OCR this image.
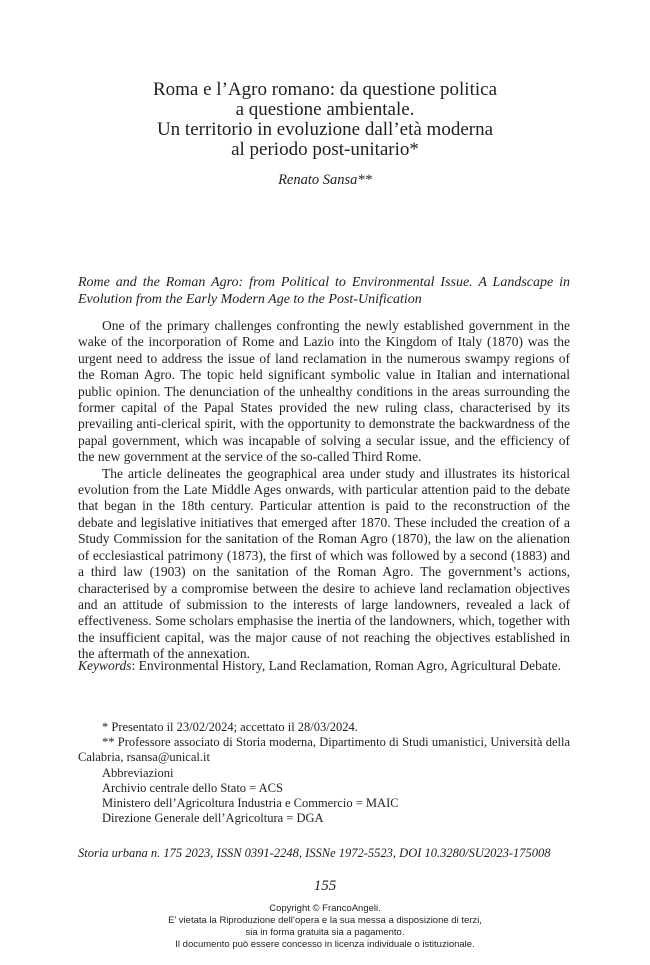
Roma e l’Agro romano: da questione politica
a questione ambientale.
Un territorio in evoluzione dall’età moderna
al periodo post-unitario*
Renato Sansa**
Rome and the Roman Agro: from Political to Environmental Issue. A Landscape in Evolution from the Early Modern Age to the Post-Unification

One of the primary challenges confronting the newly established government in the wake of the incorporation of Rome and Lazio into the Kingdom of Italy (1870) was the urgent need to address the issue of land reclamation in the numerous swampy regions of the Roman Agro. The topic held significant symbolic value in Italian and international public opinion. The denunciation of the unhealthy conditions in the areas surrounding the former capital of the Papal States provided the new ruling class, characterised by its prevailing anti-clerical spirit, with the opportunity to demonstrate the backwardness of the papal government, which was incapable of solving a secular issue, and the efficiency of the new government at the service of the so-called Third Rome.

The article delineates the geographical area under study and illustrates its historical evolution from the Late Middle Ages onwards, with particular attention paid to the debate that began in the 18th century. Particular attention is paid to the reconstruction of the debate and legislative initiatives that emerged after 1870. These included the creation of a Study Commission for the sanitation of the Roman Agro (1870), the law on the alienation of ecclesiastical patrimony (1873), the first of which was followed by a second (1883) and a third law (1903) on the sanitation of the Roman Agro. The government’s actions, characterised by a compromise between the desire to achieve land reclamation objectives and an attitude of submission to the interests of large landowners, revealed a lack of effectiveness. Some scholars emphasise the inertia of the landowners, which, together with the insufficient capital, was the major cause of not reaching the objectives established in the aftermath of the annexation.

Keywords: Environmental History, Land Reclamation, Roman Agro, Agricultural Debate.
* Presentato il 23/02/2024; accettato il 28/03/2024.
** Professore associato di Storia moderna, Dipartimento di Studi umanistici, Università della Calabria, rsansa@unical.it
Abbreviazioni
Archivio centrale dello Stato = ACS
Ministero dell’Agricoltura Industria e Commercio = MAIC
Direzione Generale dell’Agricoltura = DGA
Storia urbana n. 175 2023, ISSN 0391-2248, ISSNe 1972-5523, DOI 10.3280/SU2023-175008
155
Copyright © FrancoAngeli.
E’ vietata la Riproduzione dell’opera e la sua messa a disposizione di terzi,
sia in forma gratuita sia a pagamento.
Il documento può essere concesso in licenza individuale o istituzionale.
